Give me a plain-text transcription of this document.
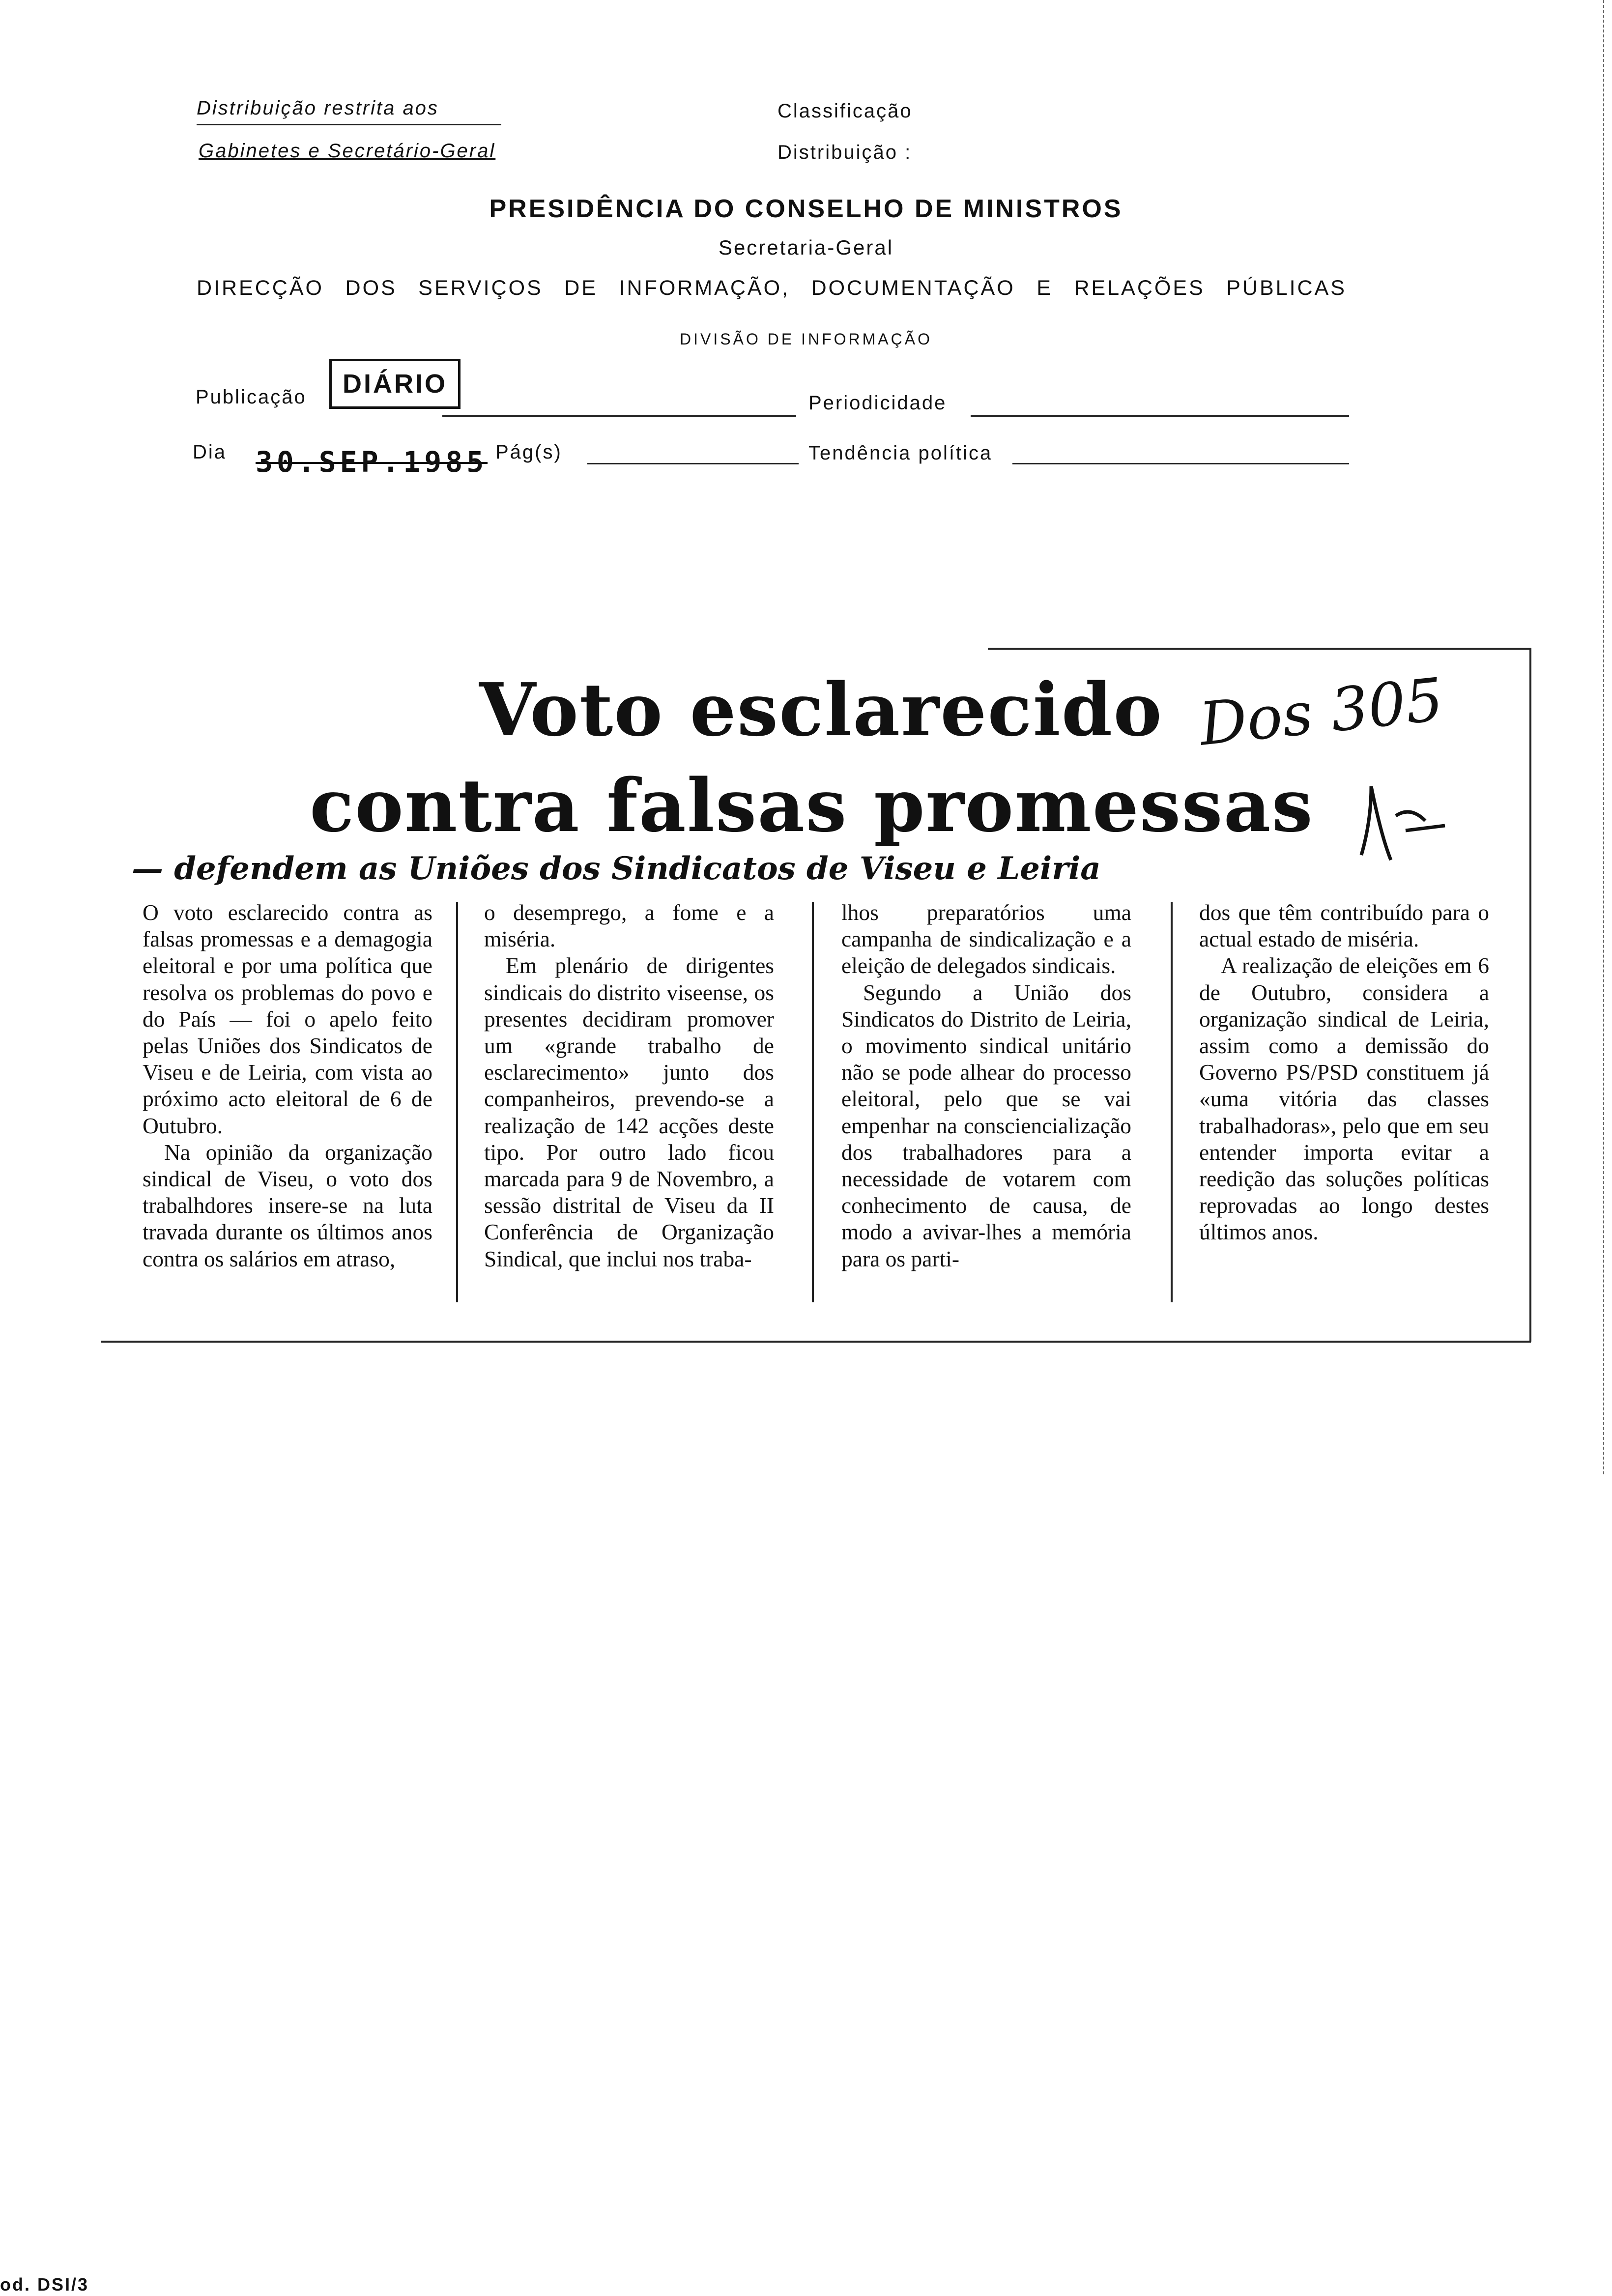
Distribuição restrita aos
Gabinetes e Secretário-Geral
Classificação
Distribuição :
PRESIDÊNCIA DO CONSELHO DE MINISTROS
Secretaria-Geral
DIRECÇÃO DOS SERVIÇOS DE INFORMAÇÃO, DOCUMENTAÇÃO E RELAÇÕES PÚBLICAS
DIVISÃO DE INFORMAÇÃO
Publicação	DIÁRIO
Periodicidade
Dia 30.SEP.1985 Pág(s)	Tendência política
Voto esclarecido
contra falsas promessas
Dos 305
— defendem as Uniões dos Sindicatos de Viseu e Leiria

O voto esclarecido contra as falsas promessas e a demagogia eleitoral e por uma política que resolva os problemas do povo e do País — foi o apelo feito pelas Uniões dos Sindicatos de Viseu e de Leiria, com vista ao próximo acto eleitoral de 6 de Outubro.

Na opinião da organização sindical de Viseu, o voto dos trabalhdores insere-se na luta travada durante os últimos anos contra os salários em atraso,

o desemprego, a fome e a miséria.

Em plenário de dirigentes sindicais do distrito viseense, os presentes decidiram promover um «grande trabalho de esclarecimento» junto dos companheiros, prevendo-se a realização de 142 acções deste tipo. Por outro lado ficou marcada para 9 de Novembro, a sessão distrital de Viseu da II Conferência de Organização Sindical, que inclui nos traba-

lhos preparatórios uma campanha de sindicalização e a eleição de delegados sindicais.

Segundo a União dos Sindicatos do Distrito de Leiria, o movimento sindical unitário não se pode alhear do processo eleitoral, pelo que se vai empenhar na consciencialização dos trabalhadores para a necessidade de votarem com conhecimento de causa, de modo a avivar-lhes a memória para os parti-

dos que têm contribuído para o actual estado de miséria.

A realização de eleições em 6 de Outubro, considera a organização sindical de Leiria, assim como a demissão do Governo PS/PSD constituem já «uma vitória das classes trabalhadoras», pelo que em seu entender importa evitar a reedição das soluções políticas reprovadas ao longo destes últimos anos.

od. DSI/3
